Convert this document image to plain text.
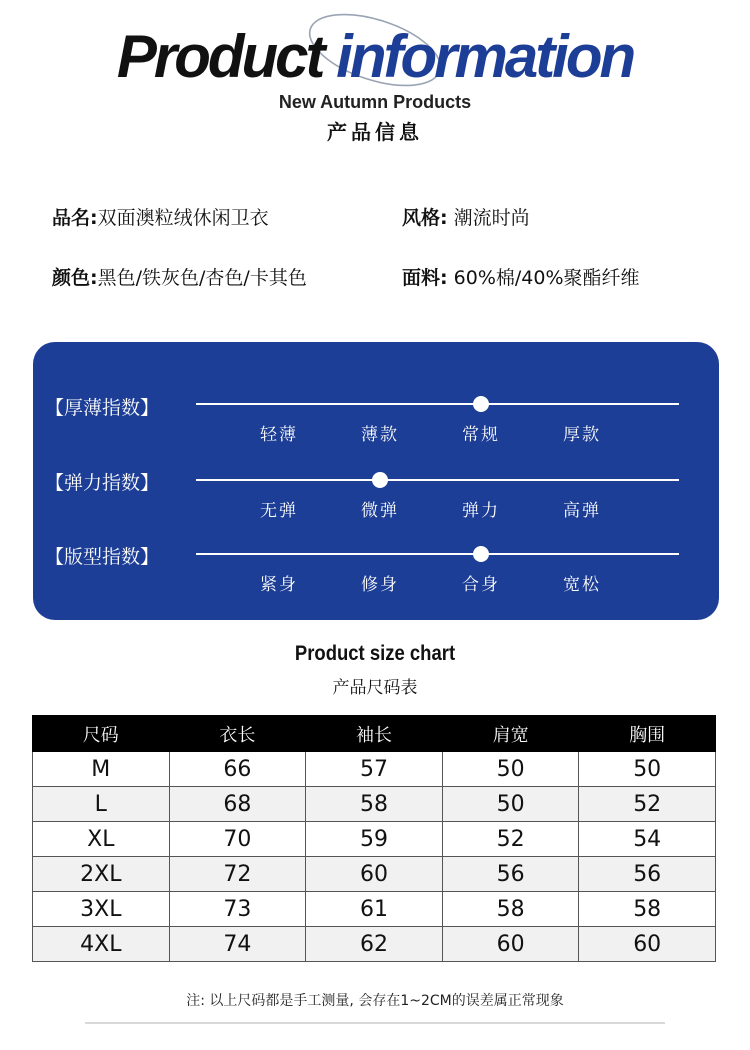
Product information
New Autumn Products
产品信息
品名:双面澳粒绒休闲卫衣	风格: 潮流时尚
颜色:黑色/铁灰色/杏色/卡其色	面料: 60%棉/40%聚酯纤维
【厚薄指数】
轻薄	薄款	常规	厚款
【弹力指数】
无弹	微弹	弹力	高弹
【版型指数】
紧身	修身	合身	宽松
Product size chart
产品尺码表
尺码	衣长	袖长	肩宽	胸围
M	66	57	50	50
L	68	58	50	52
XL	70	59	52	54
2XL	72	60	56	56
3XL	73	61	58	58
4XL	74	62	60	60
注: 以上尺码都是手工测量, 会存在1~2CM的误差属正常现象
